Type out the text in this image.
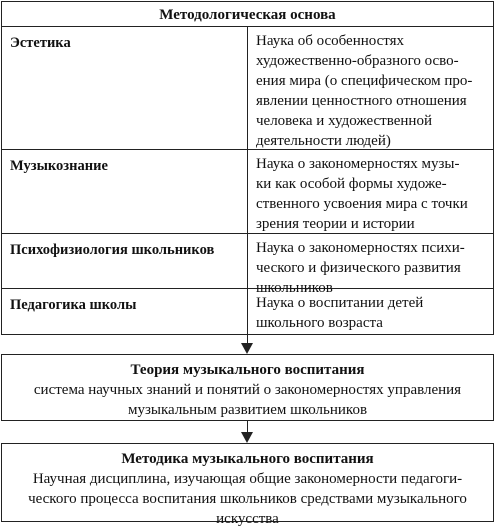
Методологическая основа
Эстетика	Наука об особенностях
художественно-образного осво-
ения мира (о специфическом про-
явлении ценностного отношения
человека и художественной
деятельности людей)
Музыкознание	Наука о закономерностях музы-
ки как особой формы художе-
ственного усвоения мира с точки
зрения теории и истории
Психофизиология школьников	Наука о закономерностях психи-
ческого и физического развития
школьников
Педагогика школы	Наука о воспитании детей
школьного возраста
Теория музыкального воспитания
система научных знаний и понятий о закономерностях управления
музыкальным развитием школьников
Методика музыкального воспитания
Научная дисциплина, изучающая общие закономерности педагоги-
ческого процесса воспитания школьников средствами музыкального
искусства
